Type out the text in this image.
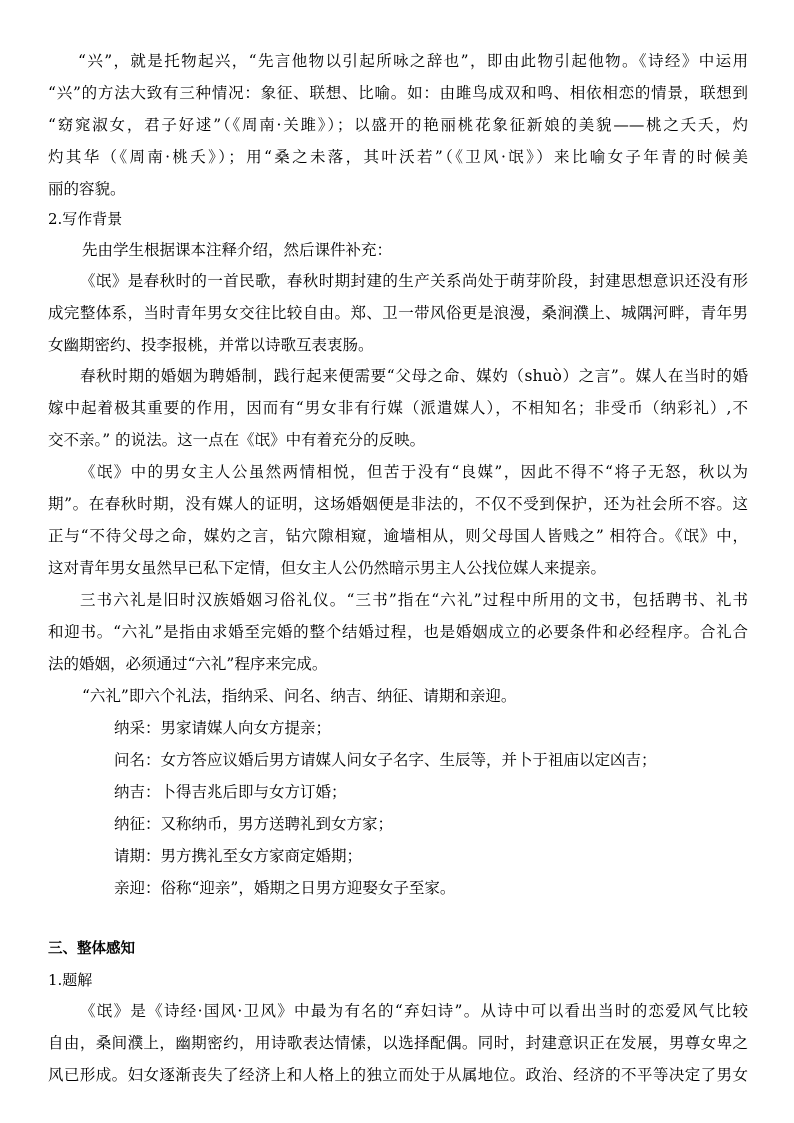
“兴”，就是托物起兴，“先言他物以引起所咏之辞也”，即由此物引起他物。《诗经》中运用
“兴”的方法大致有三种情况：象征、联想、比喻。如：由雎鸟成双和鸣、相依相恋的情景，联想到
“窈窕淑女，君子好逑”（《周南·关雎》）；以盛开的艳丽桃花象征新娘的美貌——桃之夭夭，灼
灼其华（《周南·桃夭》）；用“桑之未落，其叶沃若”（《卫风·氓》）来比喻女子年青的时候美
丽的容貌。
2.写作背景
先由学生根据课本注释介绍，然后课件补充：
《氓》是春秋时的一首民歌，春秋时期封建的生产关系尚处于萌芽阶段，封建思想意识还没有形
成完整体系，当时青年男女交往比较自由。郑、卫一带风俗更是浪漫，桑涧濮上、城隅河畔，青年男
女幽期密约、投李报桃，并常以诗歌互表衷肠。
春秋时期的婚姻为聘婚制，践行起来便需要“父母之命、媒妁（shuò）之言”。媒人在当时的婚
嫁中起着极其重要的作用，因而有“男女非有行媒（派遣媒人），不相知名；非受币（纳彩礼）,不
交不亲。” 的说法。这一点在《氓》中有着充分的反映。
《氓》中的男女主人公虽然两情相悦，但苦于没有“良媒”，因此不得不“将子无怒，秋以为
期”。在春秋时期，没有媒人的证明，这场婚姻便是非法的，不仅不受到保护，还为社会所不容。这
正与“不待父母之命，媒妁之言，钻穴隙相窥，逾墙相从，则父母国人皆贱之” 相符合。《氓》中，
这对青年男女虽然早已私下定情，但女主人公仍然暗示男主人公找位媒人来提亲。
三书六礼是旧时汉族婚姻习俗礼仪。“三书”指在“六礼”过程中所用的文书，包括聘书、礼书
和迎书。“六礼”是指由求婚至完婚的整个结婚过程，也是婚姻成立的必要条件和必经程序。合礼合
法的婚姻，必须通过“六礼”程序来完成。
“六礼”即六个礼法，指纳采、问名、纳吉、纳征、请期和亲迎。
纳采：男家请媒人向女方提亲；
问名：女方答应议婚后男方请媒人问女子名字、生辰等，并卜于祖庙以定凶吉；
纳吉：卜得吉兆后即与女方订婚；
纳征：又称纳币，男方送聘礼到女方家；
请期：男方携礼至女方家商定婚期；
亲迎：俗称“迎亲”，婚期之日男方迎娶女子至家。
三、整体感知
1.题解
《氓》是《诗经·国风·卫风》中最为有名的“弃妇诗”。从诗中可以看出当时的恋爱风气比较
自由，桑间濮上，幽期密约，用诗歌表达情愫，以选择配偶。同时，封建意识正在发展，男尊女卑之
风已形成。妇女逐渐丧失了经济上和人格上的独立而处于从属地位。政治、经济的不平等决定了男女
